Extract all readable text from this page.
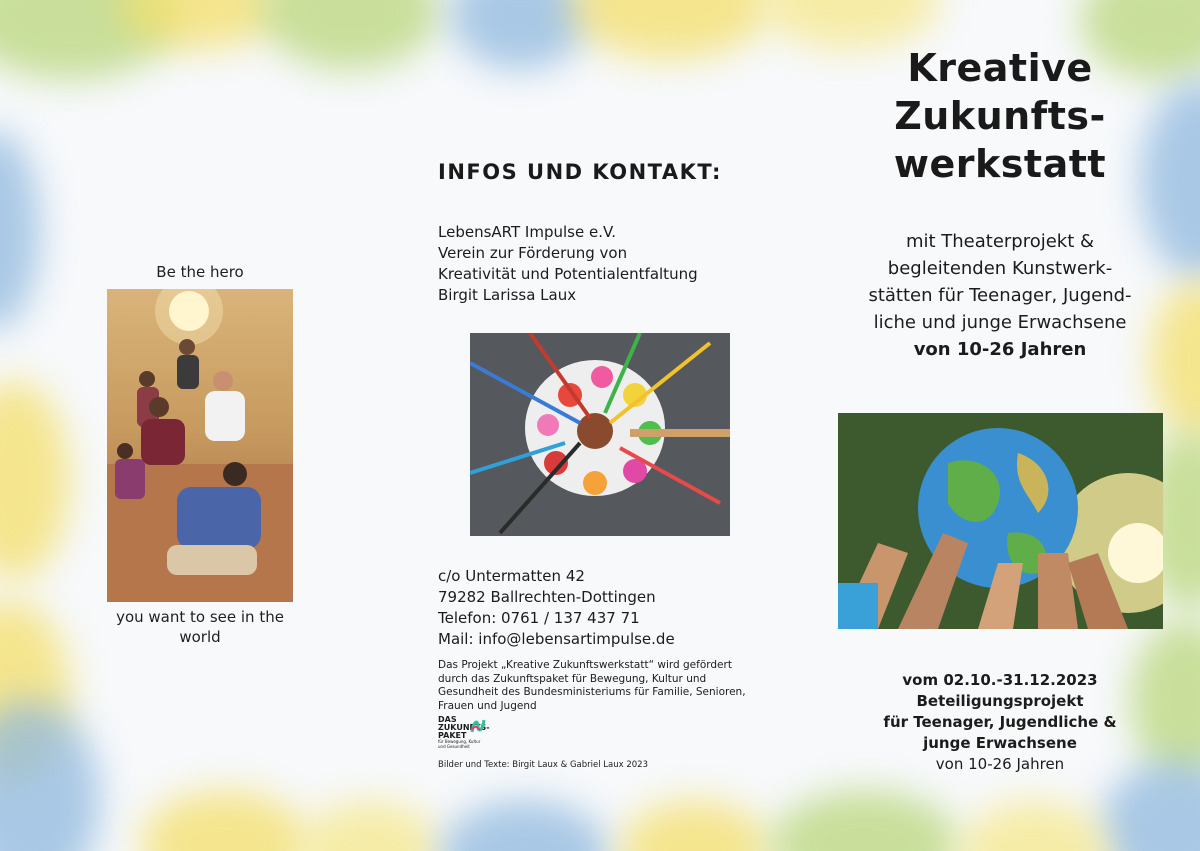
Be the hero
you want to see in the
world
INFOS UND KONTAKT:
LebensART Impulse e.V.
Verein zur Förderung von
Kreativität und Potentialentfaltung
Birgit Larissa Laux
c/o Untermatten 42
79282 Ballrechten-Dottingen
Telefon: 0761 / 137 437 71
Mail: info@lebensartimpulse.de
Das Projekt „Kreative Zukunftswerkstatt“ wird gefördert durch das Zukunftspaket für Bewegung, Kultur und Gesundheit des Bundesministeriums für Familie, Senioren, Frauen und Jugend
DAS
ZUKUNFTS-
PAKET
für Bewegung, Kultur
und Gesundheit
Bilder und Texte: Birgit Laux & Gabriel Laux 2023
Kreative
Zukunfts-
werkstatt
mit Theaterprojekt &
begleitenden Kunstwerk-
stätten für Teenager, Jugend-
liche und junge Erwachsene
von 10-26 Jahren
vom 02.10.-31.12.2023
Beteiligungsprojekt
für Teenager, Jugendliche &
junge Erwachsene
von 10-26 Jahren
